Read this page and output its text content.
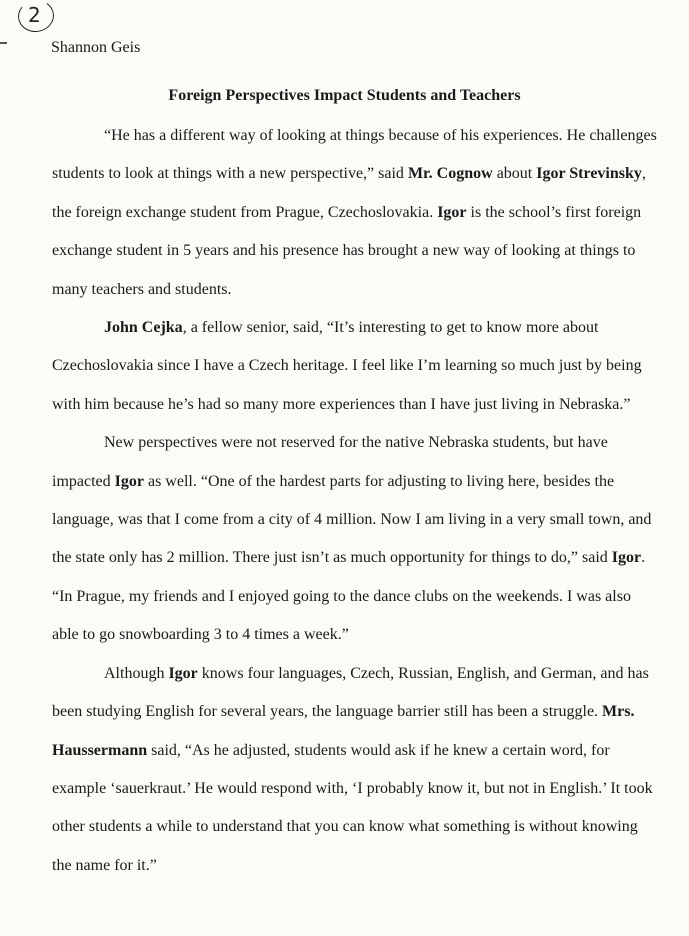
2

Shannon Geis

Foreign Perspectives Impact Students and Teachers

“He has a different way of looking at things because of his experiences. He challenges students to look at things with a new perspective,” said Mr. Cognow about Igor Strevinsky, the foreign exchange student from Prague, Czechoslovakia. Igor is the school’s first foreign exchange student in 5 years and his presence has brought a new way of looking at things to many teachers and students.

John Cejka, a fellow senior, said, “It’s interesting to get to know more about Czechoslovakia since I have a Czech heritage. I feel like I’m learning so much just by being with him because he’s had so many more experiences than I have just living in Nebraska.”

New perspectives were not reserved for the native Nebraska students, but have impacted Igor as well. “One of the hardest parts for adjusting to living here, besides the language, was that I come from a city of 4 million. Now I am living in a very small town, and the state only has 2 million. There just isn’t as much opportunity for things to do,” said Igor. “In Prague, my friends and I enjoyed going to the dance clubs on the weekends. I was also able to go snowboarding 3 to 4 times a week.”

Although Igor knows four languages, Czech, Russian, English, and German, and has been studying English for several years, the language barrier still has been a struggle. Mrs. Haussermann said, “As he adjusted, students would ask if he knew a certain word, for example ‘sauerkraut.’ He would respond with, ‘I probably know it, but not in English.’ It took other students a while to understand that you can know what something is without knowing the name for it.”
